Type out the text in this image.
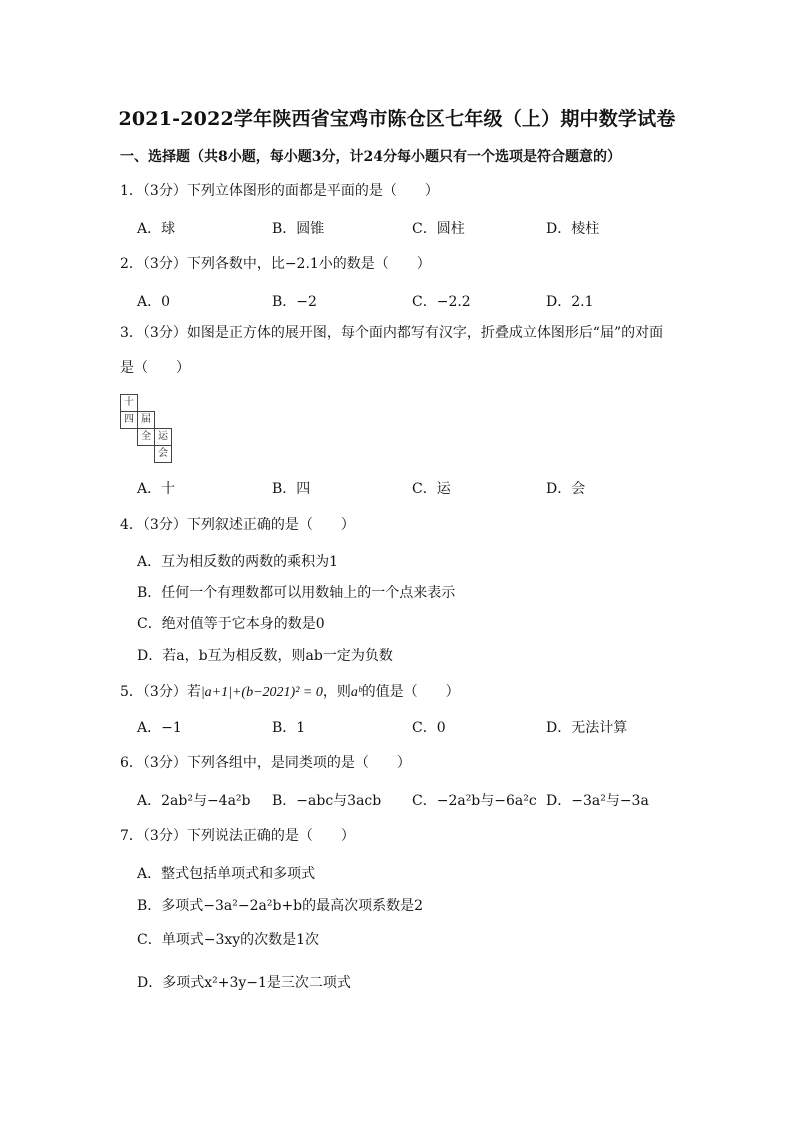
2021-2022学年陕西省宝鸡市陈仓区七年级（上）期中数学试卷
一、选择题（共8小题，每小题3分，计24分每小题只有一个选项是符合题意的）
1．（3分）下列立体图形的面都是平面的是（　　）
A．球	B．圆锥	C．圆柱	D．棱柱
2．（3分）下列各数中，比−2.1小的数是（　　）
A．0	B．−2	C．−2.2	D．2.1
3．（3分）如图是正方体的展开图，每个面内都写有汉字，折叠成立体图形后“届”的对面
是（　　）
十
四 届
全 运
会
A．十	B．四	C．运	D．会
4．（3分）下列叙述正确的是（　　）
A．互为相反数的两数的乘积为1
B．任何一个有理数都可以用数轴上的一个点来表示
C．绝对值等于它本身的数是0
D．若a，b互为相反数，则ab一定为负数
5．（3分）若|a+1|+(b−2021)² = 0，则aᵇ的值是（　　）
A．−1	B．1	C．0	D．无法计算
6．（3分）下列各组中，是同类项的是（　　）
A．2ab²与−4a²b B．−abc与3acb C．−2a²b与−6a²c D．−3a²与−3a
7．（3分）下列说法正确的是（　　）
A．整式包括单项式和多项式
B．多项式−3a²−2a²b+b的最高次项系数是2
C．单项式−3xy的次数是1次
D．多项式x²+3y−1是三次二项式
